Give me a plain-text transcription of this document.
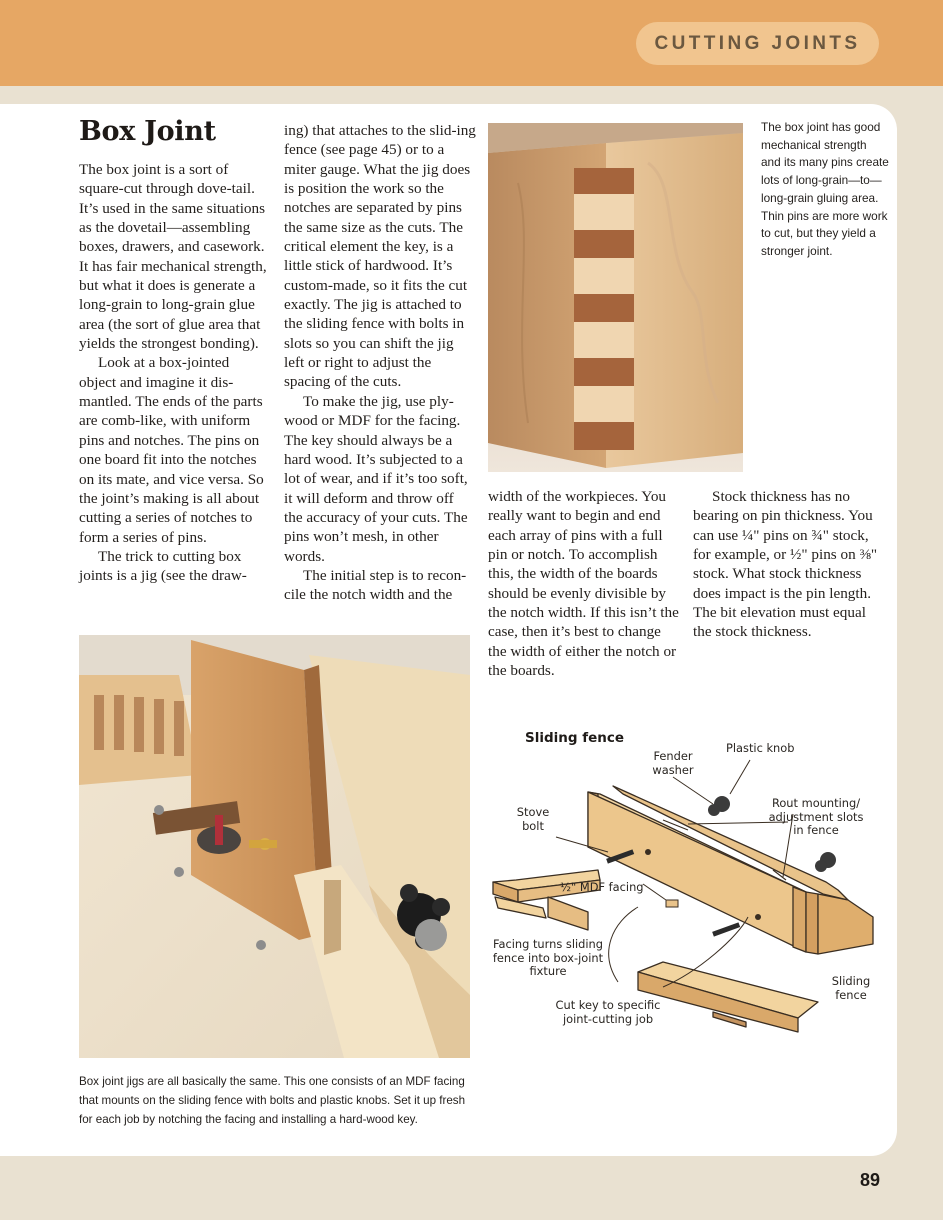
CUTTING JOINTS
Box Joint

The box joint is a sort of square-cut through dove-tail. It’s used in the same situations as the dovetail—assembling boxes, drawers, and casework. It has fair mechanical strength, but what it does is generate a long-grain to long-grain glue area (the sort of glue area that yields the strongest bonding).

Look at a box-jointed object and imagine it dis-mantled. The ends of the parts are comb-like, with uniform pins and notches. The pins on one board fit into the notches on its mate, and vice versa. So the joint’s making is all about cutting a series of notches to form a series of pins.

The trick to cutting box joints is a jig (see the draw-

ing) that attaches to the slid-ing fence (see page 45) or to a miter gauge. What the jig does is position the work so the notches are separated by pins the same size as the cuts. The critical element the key, is a little stick of hardwood. It’s custom-made, so it fits the cut exactly. The jig is attached to the sliding fence with bolts in slots so you can shift the jig left or right to adjust the spacing of the cuts.

To make the jig, use ply-wood or MDF for the facing. The key should always be a hard wood. It’s subjected to a lot of wear, and if it’s too soft, it will deform and throw off the accuracy of your cuts. The pins won’t mesh, in other words.

The initial step is to recon-cile the notch width and the

width of the workpieces. You really want to begin and end each array of pins with a full pin or notch. To accomplish this, the width of the boards should be evenly divisible by the notch width. If this isn’t the case, then it’s best to change the width of either the notch or the boards.

Stock thickness has no bearing on pin thickness. You can use ¼" pins on ¾" stock, for example, or ½" pins on ⅜" stock. What stock thickness does impact is the pin length. The bit elevation must equal the stock thickness.

The box joint has good mechanical strength and its many pins create lots of long-grain—to—long-grain gluing area. Thin pins are more work to cut, but they yield a stronger joint.

Box joint jigs are all basically the same. This one consists of an MDF facing that mounts on the sliding fence with bolts and plastic knobs. Set it up fresh for each job by notching the facing and installing a hard-wood key.

Sliding fence
Fender washer
Plastic knob
Stove bolt
Rout mounting/ adjustment slots in fence
½" MDF facing
Facing turns sliding fence into box-joint fixture
Cut key to specific joint-cutting job
Sliding fence
89
